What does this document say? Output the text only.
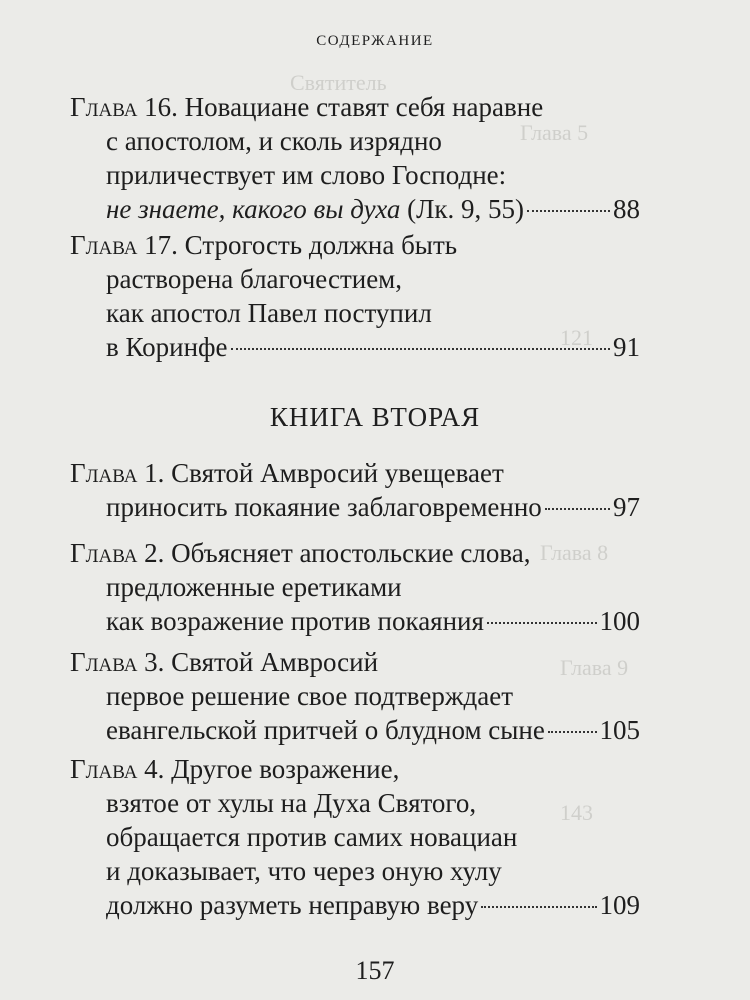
Святитель
Глава 5
121
Глава 8
Глава 9
143
СОДЕРЖАНИЕ
Глава 16. Новациане ставят себя наравне
с апостолом, и сколь изрядно
приличествует им слово Господне:
не знаете, какого вы духа (Лк. 9, 55)	88
Глава 17. Строгость должна быть
растворена благочестием,
как апостол Павел поступил
в Коринфе	91
КНИГА ВТОРАЯ
Глава 1. Святой Амвросий увещевает
приносить покаяние заблаговременно	97
Глава 2. Объясняет апостольские слова,
предложенные еретиками
как возражение против покаяния	100
Глава 3. Святой Амвросий
первое решение свое подтверждает
евангельской притчей о блудном сыне 105
Глава 4. Другое возражение,
взятое от хулы на Духа Святого,
обращается против самих новациан
и доказывает, что через оную хулу
должно разуметь неправую веру	109
157
